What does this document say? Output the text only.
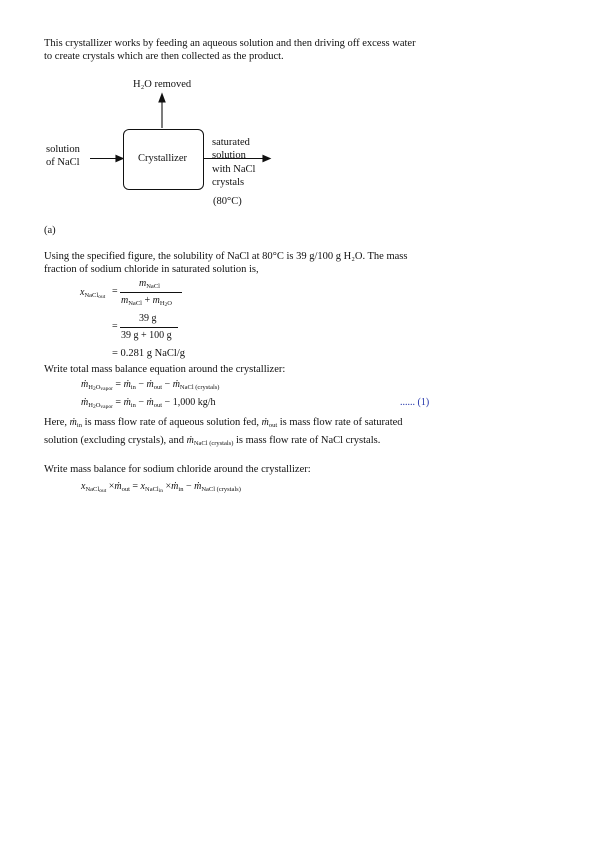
This crystallizer works by feeding an aqueous solution and then driving off excess water
to create crystals which are then collected as the product.
Crystallizer
H₂O removed
solution
of NaCl
saturated
solution
with NaCl
crystals
(80°C)
(a)
Using the specified figure, the solubility of NaCl at 80°C is 39 g/100 g H₂O. The mass
fraction of sodium chloride in saturated solution is,
$x_{NaCl_{out}}$ =
$m_{NaCl}$
$m_{NaCl} + m_{H_2O}$
=
39 g
39 g + 100 g
= 0.281 g NaCl/g
Write total mass balance equation around the crystallizer:
ṁ$_{H_2O_{vapor}}$ = ṁ$_{in}$ − ṁ$_{out}$ − ṁ$_{NaCl (crystals)}$
ṁ$_{H_2O_{vapor}}$ = ṁ$_{in}$ − ṁ$_{out}$ − 1,000 kg/h	...... (1)
Here, ṁ$_{in}$ is mass flow rate of aqueous solution fed, ṁ$_{out}$ is mass flow rate of saturated
solution (excluding crystals), and ṁ$_{NaCl (crystals)}$ is mass flow rate of NaCl crystals.
Write mass balance for sodium chloride around the crystallizer:
$x_{NaCl_{out}}$ ×ṁ$_{out}$ = $x_{NaCl_{in}}$ ×ṁ$_{in}$ − ṁ$_{NaCl (crystals)}$
